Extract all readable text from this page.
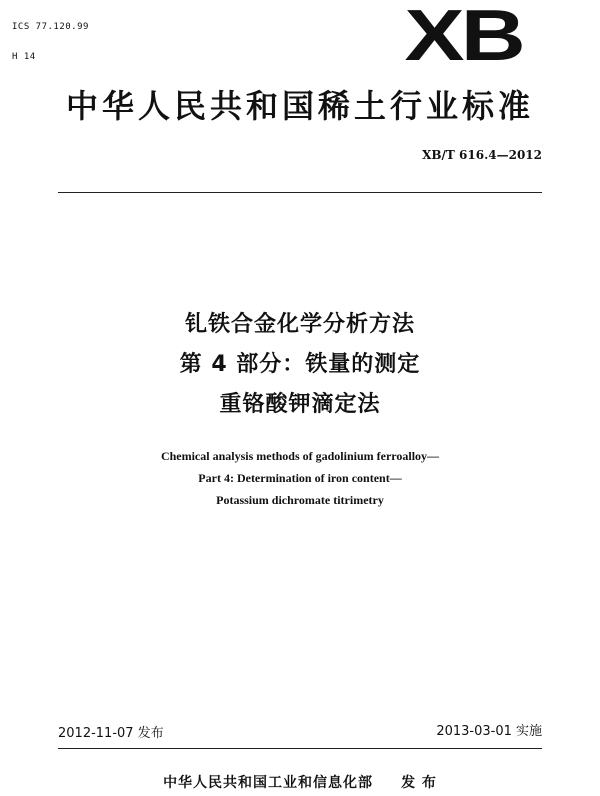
ICS 77.120.99

H 14	XB
中华人民共和国稀土行业标准
XB/T 616.4—2012
钆铁合金化学分析方法
第 4 部分：铁量的测定
重铬酸钾滴定法
Chemical analysis methods of gadolinium ferroalloy—
Part 4: Determination of iron content—
Potassium dichromate titrimetry
2012-11-07 发布	2013-03-01 实施
中华人民共和国工业和信息化部 发 布
